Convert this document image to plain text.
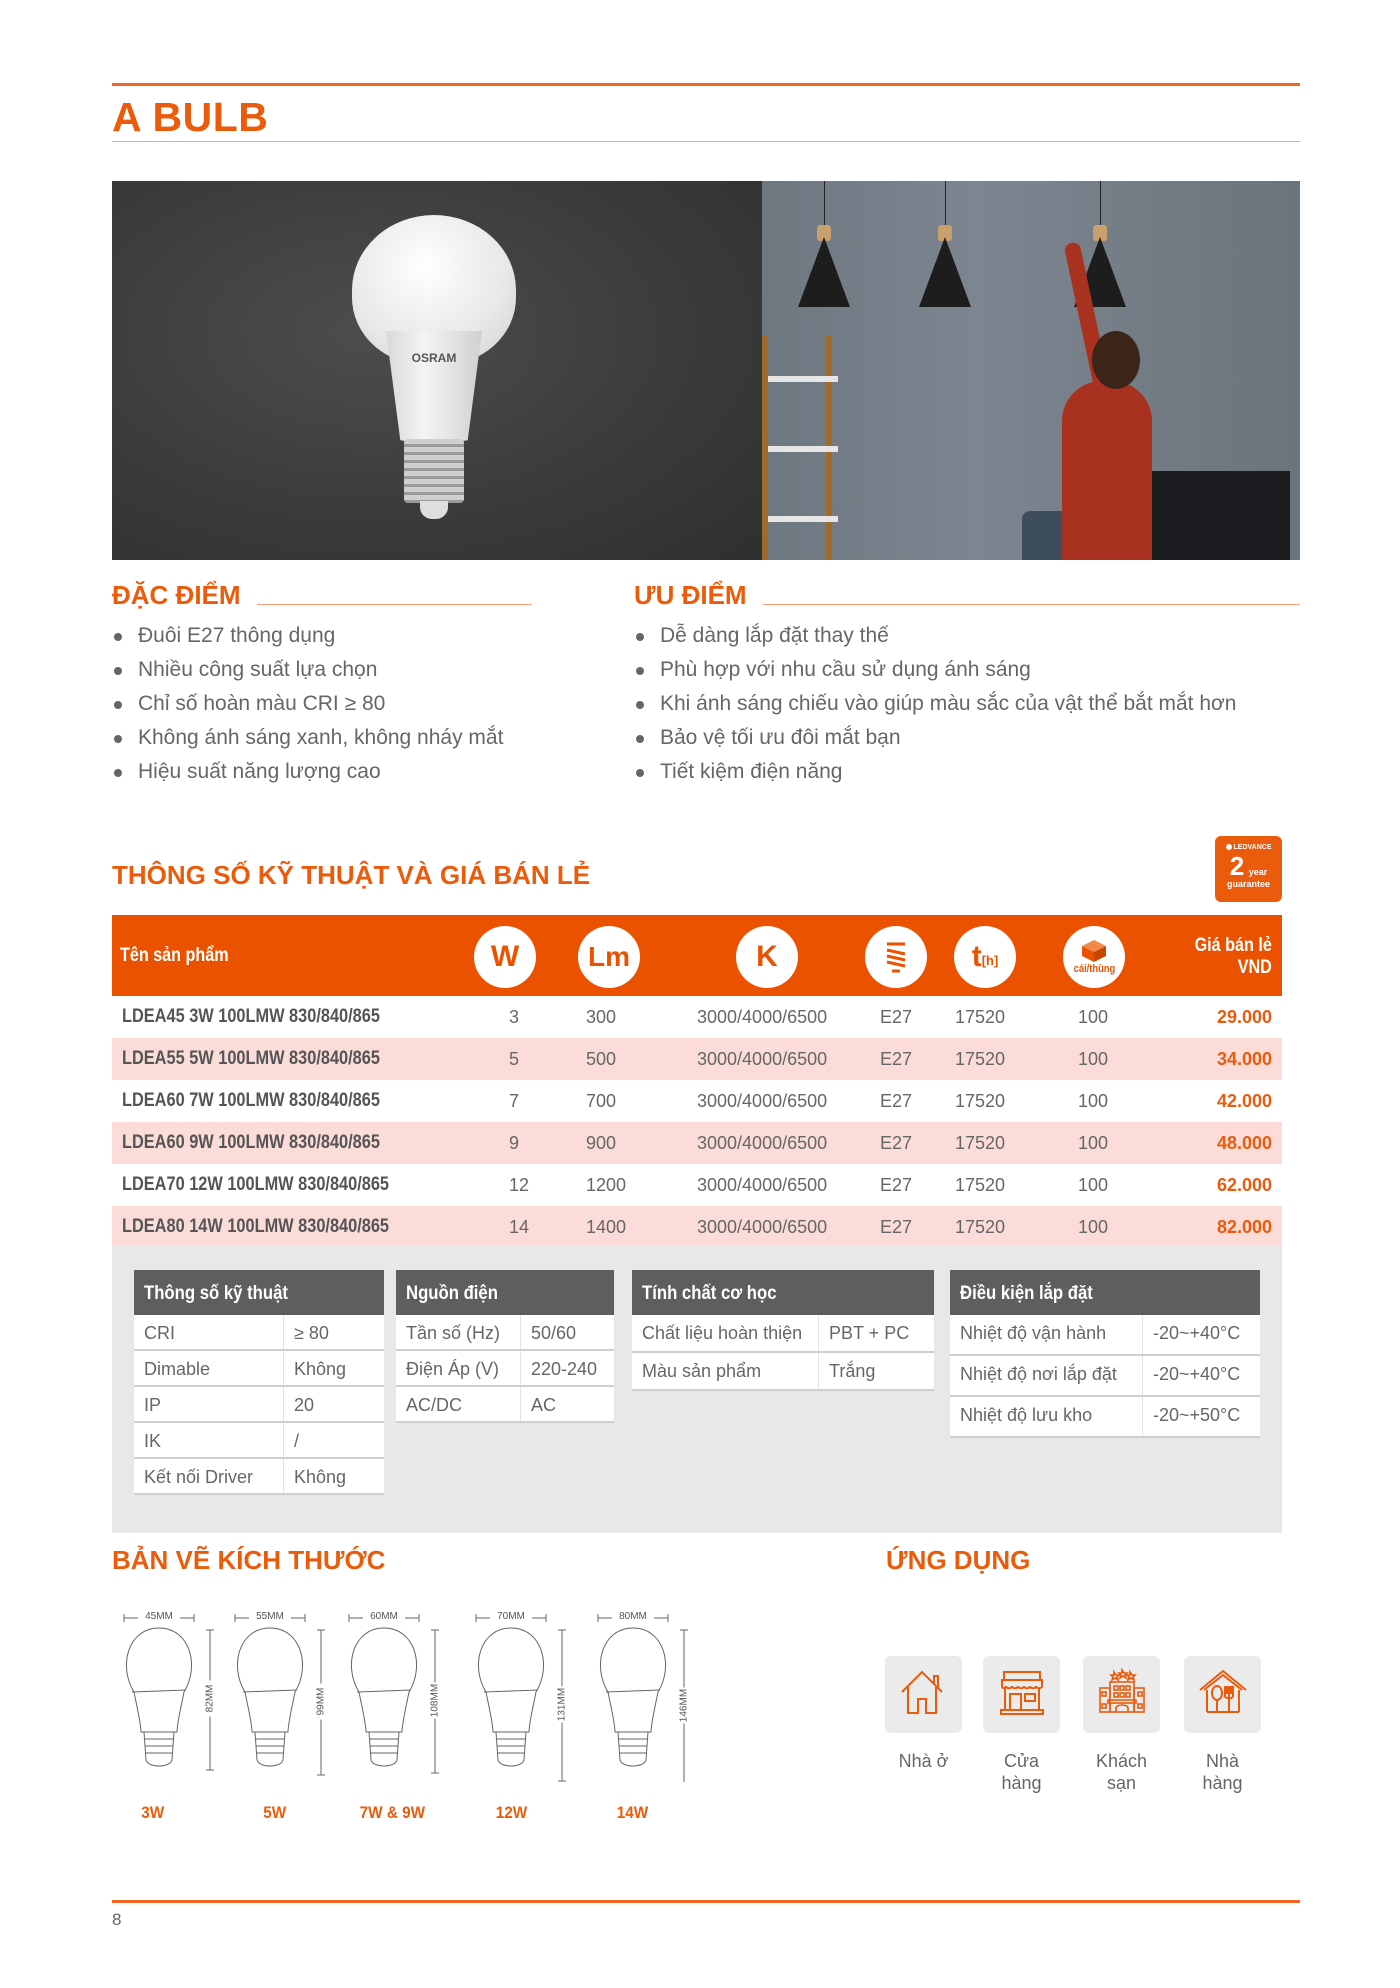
A BULB
OSRAM
ĐẶC ĐIỂM
Đuôi E27 thông dụng
Nhiều công suất lựa chọn
Chỉ số hoàn màu CRI ≥ 80
Không ánh sáng xanh, không nháy mắt
Hiệu suất năng lượng cao
ƯU ĐIỂM
Dễ dàng lắp đặt thay thế
Phù hợp với nhu cầu sử dụng ánh sáng
Khi ánh sáng chiếu vào giúp màu sắc của vật thể bắt mắt hơn
Bảo vệ tối ưu đôi mắt bạn
Tiết kiệm điện năng
THÔNG SỐ KỸ THUẬT VÀ GIÁ BÁN LẺ
LEDVANCE
2 year
guarantee
Tên sản phẩm	W Lm	K	t [h]
cái/thùng
Giá bán lẻ
VND
LDEA45 3W 100LMW 830/840/865	3	300	3000/4000/6500	E27 17520	100	29.000
LDEA55 5W 100LMW 830/840/865	5	500	3000/4000/6500	E27 17520	100	34.000
LDEA60 7W 100LMW 830/840/865	7	700	3000/4000/6500	E27 17520	100	42.000
LDEA60 9W 100LMW 830/840/865	9	900	3000/4000/6500	E27 17520	100	48.000
LDEA70 12W 100LMW 830/840/865	12	1200	3000/4000/6500	E27 17520	100	62.000
LDEA80 14W 100LMW 830/840/865	14	1400	3000/4000/6500	E27 17520	100	82.000
Thông số kỹ thuật
CRI	≥ 80
Dimable	Không
IP	20
IK	/
Kết nối Driver	Không
Nguồn điện
Tần số (Hz)	50/60
Điện Áp (V)	220-240
AC/DC	AC
Tính chất cơ học
Chất liệu hoàn thiện	PBT + PC
Màu sản phẩm	Trắng
Điều kiện lắp đặt
Nhiệt độ vận hành	-20~+40°C
Nhiệt độ nơi lắp đặt	-20~+40°C
Nhiệt độ lưu kho	-20~+50°C
BẢN VẼ KÍCH THƯỚC
45MM
82MM
3W
55MM
99MM
5W
60MM
108MM
7W & 9W
70MM
131MM
12W
80MM
146MM
14W
ỨNG DỤNG
Nhà ở	Cửa
hàng
Khách
sạn
Nhà
hàng
8
